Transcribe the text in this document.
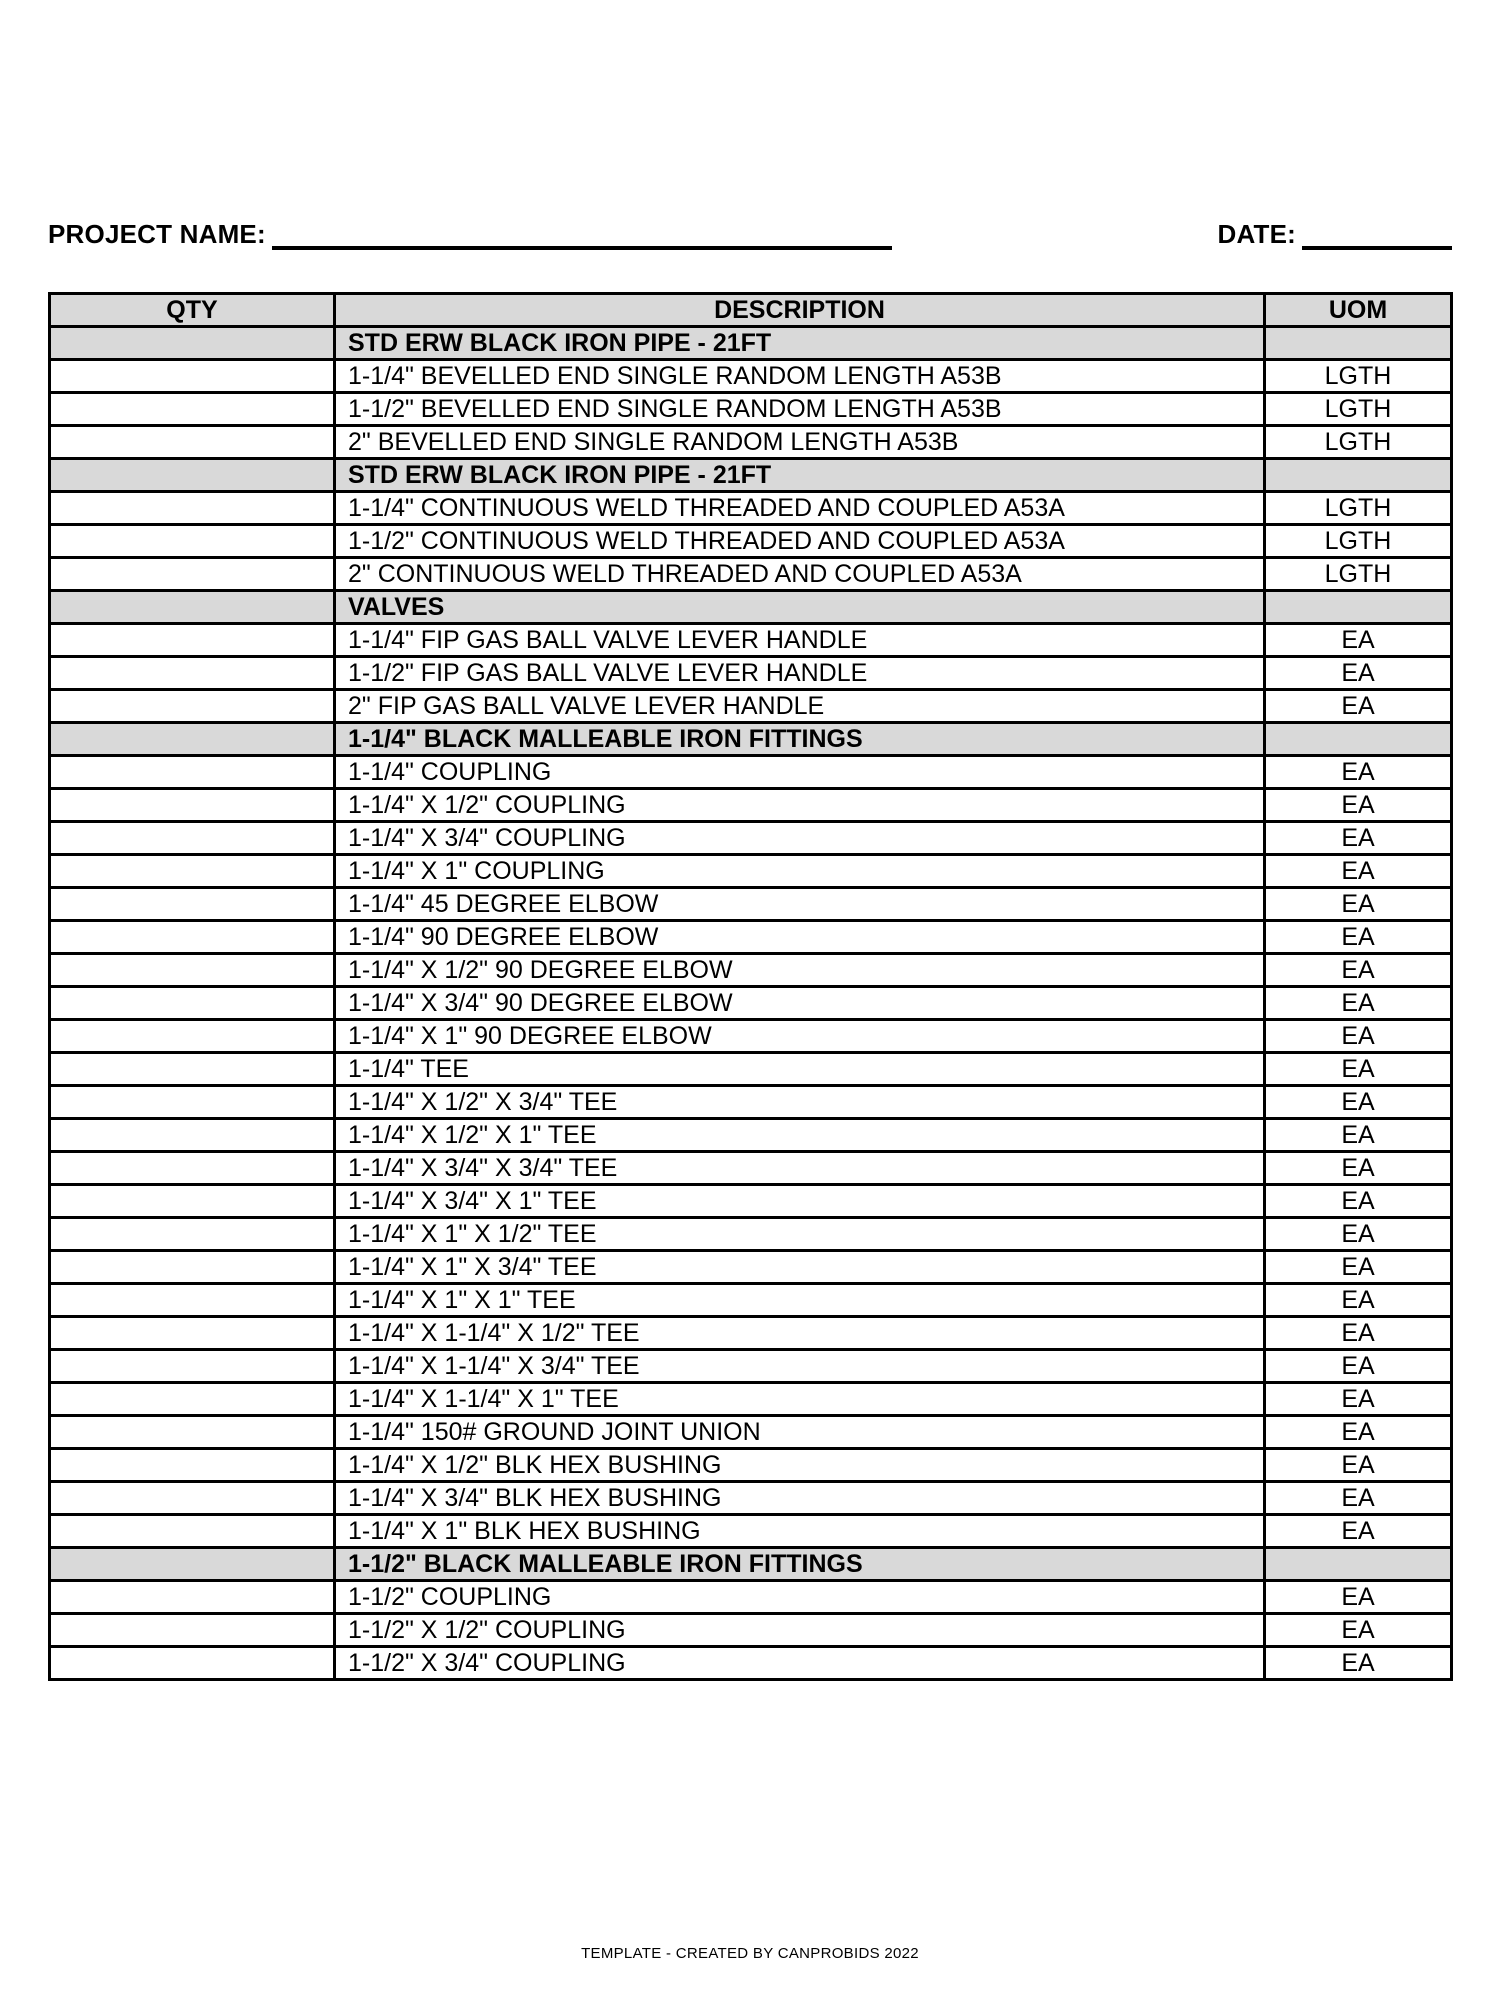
PROJECT NAME:	DATE:
QTY	DESCRIPTION	UOM
	STD ERW BLACK IRON PIPE - 21FT	
	1-1/4" BEVELLED END SINGLE RANDOM LENGTH A53B	LGTH
	1-1/2" BEVELLED END SINGLE RANDOM LENGTH A53B	LGTH
	2" BEVELLED END SINGLE RANDOM LENGTH A53B	LGTH
	STD ERW BLACK IRON PIPE - 21FT	
	1-1/4" CONTINUOUS WELD THREADED AND COUPLED A53A	LGTH
	1-1/2" CONTINUOUS WELD THREADED AND COUPLED A53A	LGTH
	2" CONTINUOUS WELD THREADED AND COUPLED A53A	LGTH
	VALVES	
	1-1/4" FIP GAS BALL VALVE LEVER HANDLE	EA
	1-1/2" FIP GAS BALL VALVE LEVER HANDLE	EA
	2" FIP GAS BALL VALVE LEVER HANDLE	EA
	1-1/4" BLACK MALLEABLE IRON FITTINGS	
	1-1/4" COUPLING	EA
	1-1/4" X 1/2" COUPLING	EA
	1-1/4" X 3/4" COUPLING	EA
	1-1/4" X 1" COUPLING	EA
	1-1/4" 45 DEGREE ELBOW	EA
	1-1/4" 90 DEGREE ELBOW	EA
	1-1/4" X 1/2" 90 DEGREE ELBOW	EA
	1-1/4" X 3/4" 90 DEGREE ELBOW	EA
	1-1/4" X 1" 90 DEGREE ELBOW	EA
	1-1/4" TEE	EA
	1-1/4" X 1/2" X 3/4" TEE	EA
	1-1/4" X 1/2" X 1" TEE	EA
	1-1/4" X 3/4" X 3/4" TEE	EA
	1-1/4" X 3/4" X 1" TEE	EA
	1-1/4" X 1" X 1/2" TEE	EA
	1-1/4" X 1" X 3/4" TEE	EA
	1-1/4" X 1" X 1" TEE	EA
	1-1/4" X 1-1/4" X 1/2" TEE	EA
	1-1/4" X 1-1/4" X 3/4" TEE	EA
	1-1/4" X 1-1/4" X 1" TEE	EA
	1-1/4" 150# GROUND JOINT UNION	EA
	1-1/4" X 1/2" BLK HEX BUSHING	EA
	1-1/4" X 3/4" BLK HEX BUSHING	EA
	1-1/4" X 1" BLK HEX BUSHING	EA
	1-1/2" BLACK MALLEABLE IRON FITTINGS	
	1-1/2" COUPLING	EA
	1-1/2" X 1/2" COUPLING	EA
	1-1/2" X 3/4" COUPLING	EA
TEMPLATE - CREATED BY CANPROBIDS 2022
